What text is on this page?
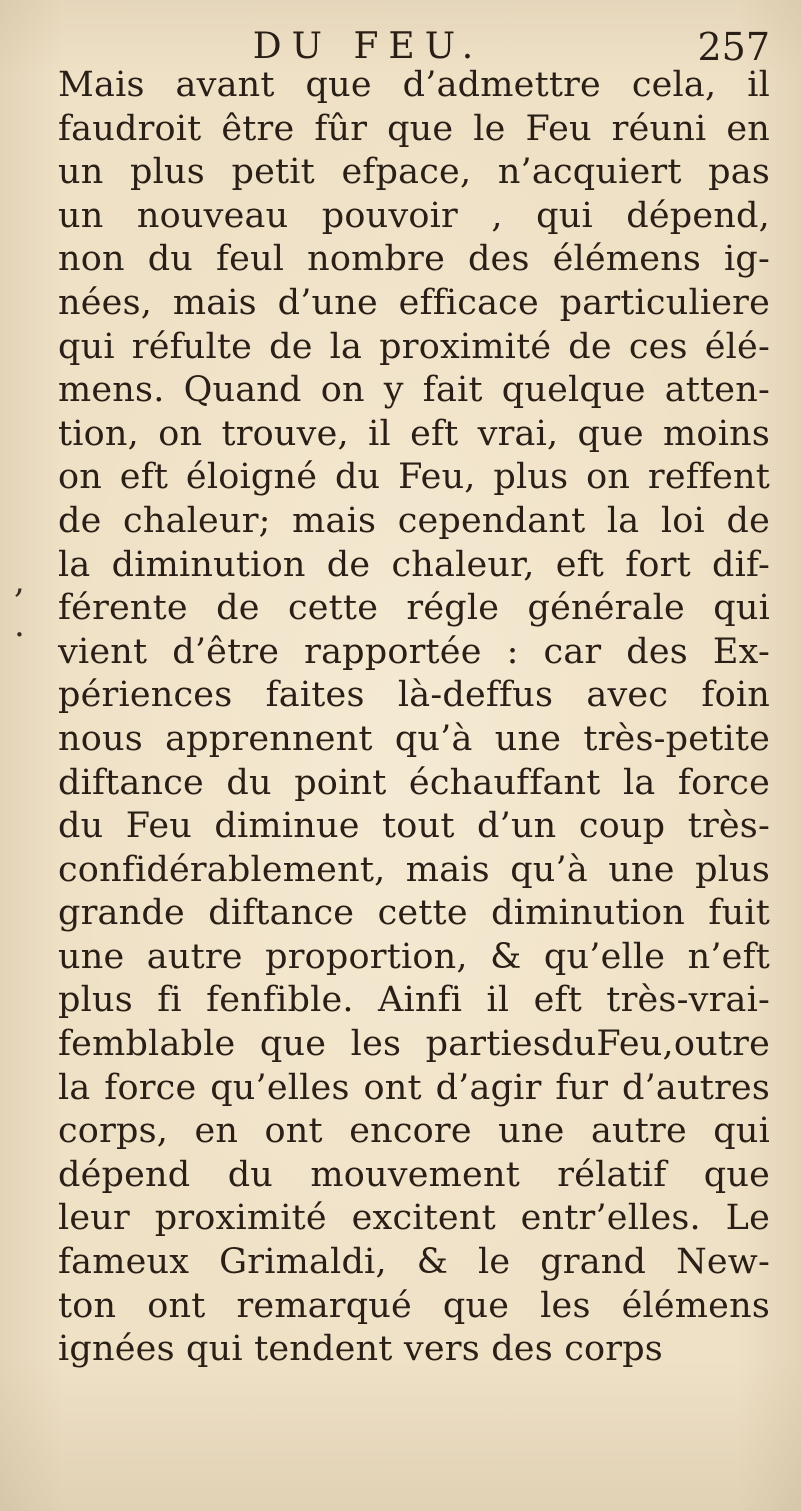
DU FEU.	257
,
.
Mais avant que d’admettre cela, il
faudroit être fûr que le Feu réuni en
un plus petit efpace, n’acquiert pas
un nouveau pouvoir , qui dépend,
non du feul nombre des élémens ig-
nées, mais d’une efficace particuliere
qui réfulte de la proximité de ces élé-
mens. Quand on y fait quelque atten-
tion, on trouve, il eft vrai, que moins
on eft éloigné du Feu, plus on reffent
de chaleur; mais cependant la loi de
la diminution de chaleur, eft fort dif-
férente de cette régle générale qui
vient d’être rapportée : car des Ex-
périences faites là-deffus avec foin
nous apprennent qu’à une très-petite
diftance du point échauffant la force
du Feu diminue tout d’un coup très-
confidérablement, mais qu’à une plus
grande diftance cette diminution fuit
une autre proportion, & qu’elle n’eft
plus fi fenfible. Ainfi il eft très-vrai-
femblable que les partiesduFeu,outre
la force qu’elles ont d’agir fur d’autres
corps, en ont encore une autre qui
dépend du mouvement rélatif que
leur proximité excitent entr’elles. Le
fameux Grimaldi, & le grand New-
ton ont remarqué que les élémens
ignées qui tendent vers des corps
